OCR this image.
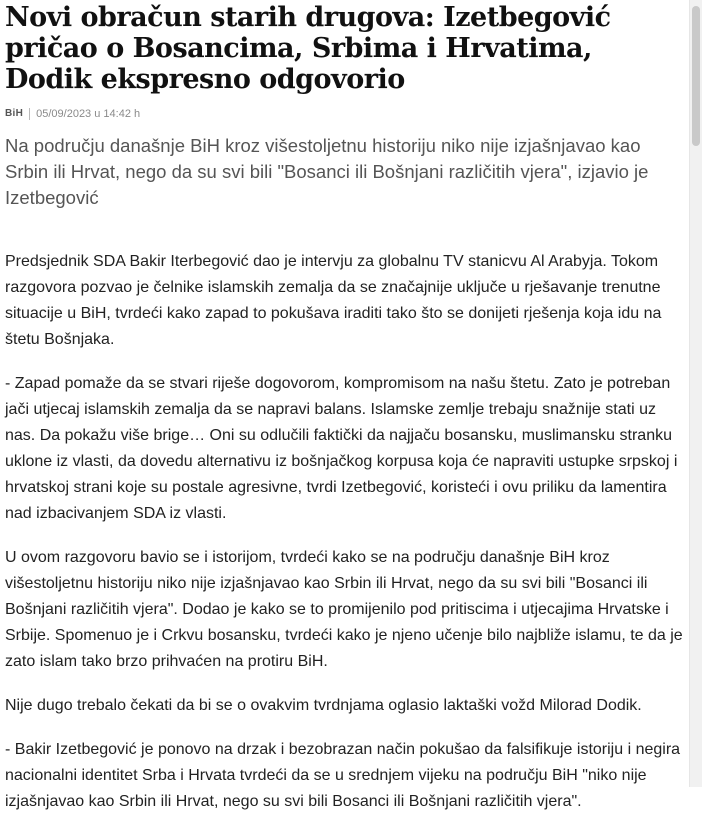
Novi obračun starih drugova: Izetbegović pričao o Bosancima, Srbima i Hrvatima, Dodik ekspresno odgovorio
BiH 05/09/2023 u 14:42 h

Na području današnje BiH kroz višestoljetnu historiju niko nije izjašnjavao kao Srbin ili Hrvat, nego da su svi bili "Bosanci ili Bošnjani različitih vjera", izjavio je Izetbegović

Predsjednik SDA Bakir Iterbegović dao je intervju za globalnu TV stanicvu Al Arabyja. Tokom razgovora pozvao je čelnike islamskih zemalja da se značajnije uključe u rješavanje trenutne situacije u BiH, tvrdeći kako zapad to pokušava iraditi tako što se donijeti rješenja koja idu na štetu Bošnjaka.

- Zapad pomaže da se stvari riješe dogovorom, kompromisom na našu štetu. Zato je potreban jači utjecaj islamskih zemalja da se napravi balans. Islamske zemlje trebaju snažnije stati uz nas. Da pokažu više brige… Oni su odlučili faktički da najjaču bosansku, muslimansku stranku uklone iz vlasti, da dovedu alternativu iz bošnjačkog korpusa koja će napraviti ustupke srpskoj i hrvatskoj strani koje su postale agresivne, tvrdi Izetbegović, koristeći i ovu priliku da lamentira nad izbacivanjem SDA iz vlasti.

U ovom razgovoru bavio se i istorijom, tvrdeći kako se na području današnje BiH kroz višestoljetnu historiju niko nije izjašnjavao kao Srbin ili Hrvat, nego da su svi bili "Bosanci ili Bošnjani različitih vjera". Dodao je kako se to promijenilo pod pritiscima i utjecajima Hrvatske i Srbije. Spomenuo je i Crkvu bosansku, tvrdeći kako je njeno učenje bilo najbliže islamu, te da je zato islam tako brzo prihvaćen na protiru BiH.

Nije dugo trebalo čekati da bi se o ovakvim tvrdnjama oglasio laktaški vožd Milorad Dodik.

- Bakir Izetbegović je ponovo na drzak i bezobrazan način pokušao da falsifikuje istoriju i negira nacionalni identitet Srba i Hrvata tvrdeći da se u srednjem vijeku na području BiH "niko nije izjašnjavao kao Srbin ili Hrvat, nego su svi bili Bosanci ili Bošnjani različitih vjera".
